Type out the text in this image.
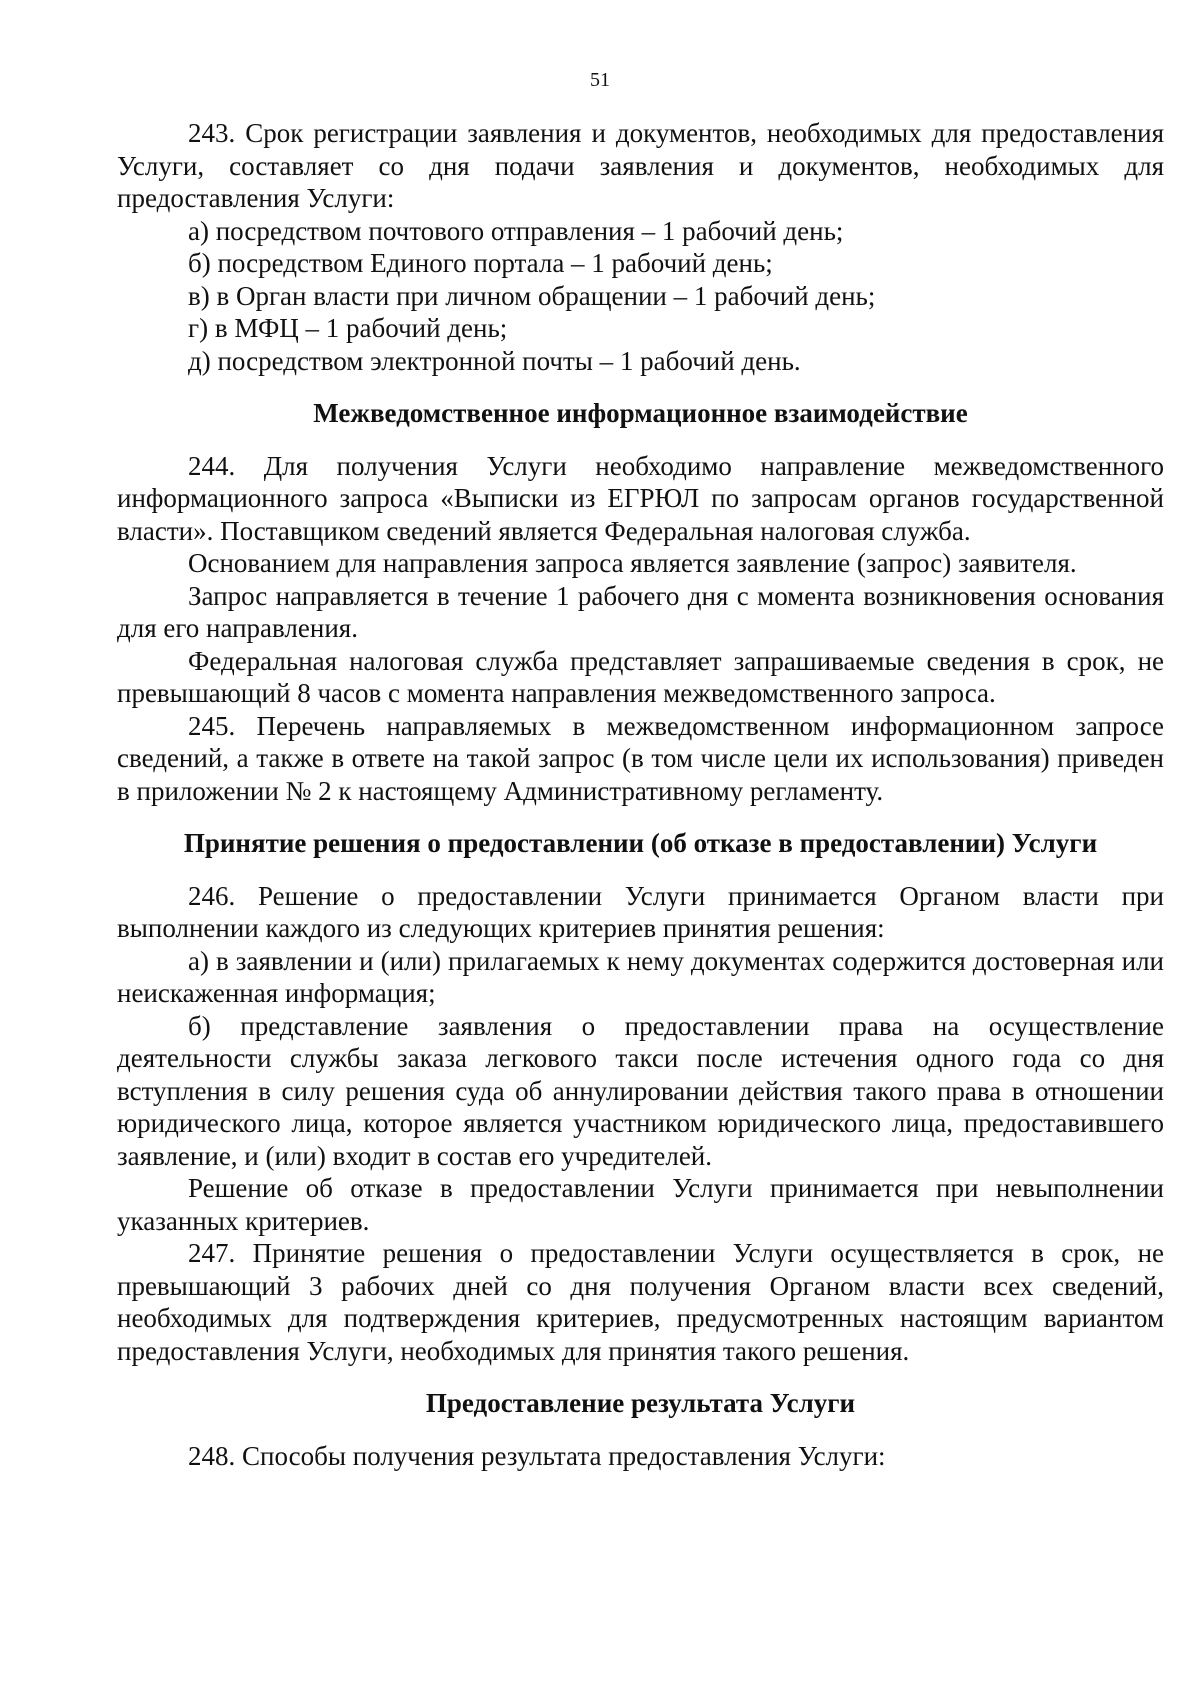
51

243. Срок регистрации заявления и документов, необходимых для предоставления Услуги, составляет со дня подачи заявления и документов, необходимых для предоставления Услуги:

а) посредством почтового отправления – 1 рабочий день;

б) посредством Единого портала – 1 рабочий день;

в) в Орган власти при личном обращении – 1 рабочий день;

г) в МФЦ – 1 рабочий день;

д) посредством электронной почты – 1 рабочий день.

Межведомственное информационное взаимодействие

244. Для получения Услуги необходимо направление межведомственного информационного запроса «Выписки из ЕГРЮЛ по запросам органов государственной власти». Поставщиком сведений является Федеральная налоговая служба.

Основанием для направления запроса является заявление (запрос) заявителя.

Запрос направляется в течение 1 рабочего дня с момента возникновения основания для его направления.

Федеральная налоговая служба представляет запрашиваемые сведения в срок, не превышающий 8 часов с момента направления межведомственного запроса.

245. Перечень направляемых в межведомственном информационном запросе сведений, а также в ответе на такой запрос (в том числе цели их использования) приведен в приложении № 2 к настоящему Административному регламенту.

Принятие решения о предоставлении (об отказе в предоставлении) Услуги

246. Решение о предоставлении Услуги принимается Органом власти при выполнении каждого из следующих критериев принятия решения:

а) в заявлении и (или) прилагаемых к нему документах содержится достоверная или неискаженная информация;

б) представление заявления о предоставлении права на осуществление деятельности службы заказа легкового такси после истечения одного года со дня вступления в силу решения суда об аннулировании действия такого права в отношении юридического лица, которое является участником юридического лица, предоставившего заявление, и (или) входит в состав его учредителей.

Решение об отказе в предоставлении Услуги принимается при невыполнении указанных критериев.

247. Принятие решения о предоставлении Услуги осуществляется в срок, не превышающий 3 рабочих дней со дня получения Органом власти всех сведений, необходимых для подтверждения критериев, предусмотренных настоящим вариантом предоставления Услуги, необходимых для принятия такого решения.

Предоставление результата Услуги

248. Способы получения результата предоставления Услуги:
